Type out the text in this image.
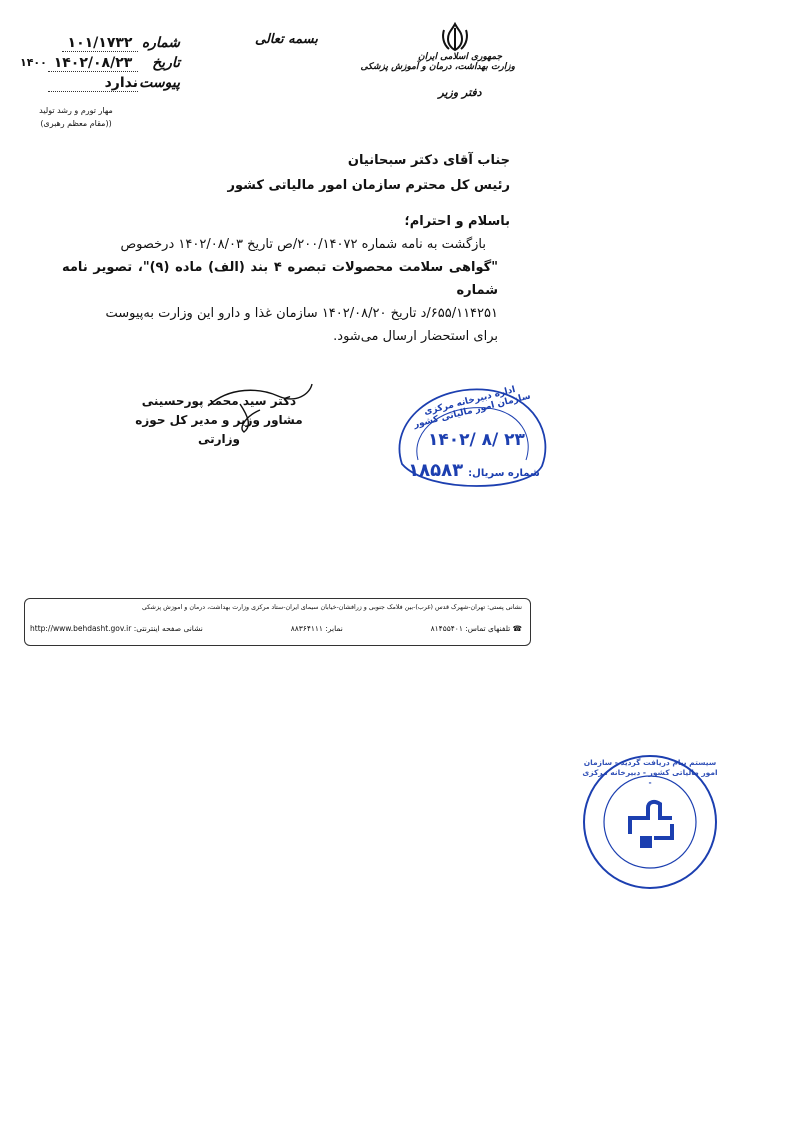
شماره
۱۰۱/۱۷۳۲
تاریخ
۱۴۰۲/۰۸/۲۳
پیوست
ندارد
۱۴۰۰
مهار تورم و رشد تولید
((مقام معظم رهبری)
بسمه تعالی
جمهوری اسلامی ایران
وزارت بهداشت، درمان و آموزش پزشکی
دفتر وزیر
جناب آقای دکتر سبحانیان
رئیس کل محترم سازمان امور مالیاتی کشور
باسلام و احترام؛
بازگشت به نامه شماره ۲۰۰/۱۴۰۷۲/ص تاریخ ۱۴۰۲/۰۸/۰۳ درخصوص
"گواهی سلامت محصولات تبصره ۴ بند (الف) ماده (۹)"، تصویر نامه شماره
۶۵۵/۱۱۴۲۵۱/د تاریخ ۱۴۰۲/۰۸/۲۰ سازمان غذا و دارو این وزارت به‌پیوست
برای استحضار ارسال می‌شود.
دکتر سید محمد پورحسینی
مشاور وزیر و مدیر کل حوزه وزارتی
اداره دبیرخانه مرکزی سازمان امور مالیاتی کشور
۱۴۰۲/ ۸/ ۲۳
شماره سریال: ۱۸۵۸۳
نشانی پستی: تهران-شهرک قدس (غرب)-بین فلامک جنوبی و زرافشان-خیابان سیمای ایران-ستاد مرکزی وزارت بهداشت، درمان و آموزش پزشکی
☎ تلفنهای تماس: ۸۱۴۵۵۴۰۱
نمابر: ۸۸۳۶۴۱۱۱
نشانی صفحه اینترنتی: http://www.behdasht.gov.ir
سیستم پیام دریافت گردید - سازمان امور مالیاتی کشور - دبیرخانه مرکزی -
